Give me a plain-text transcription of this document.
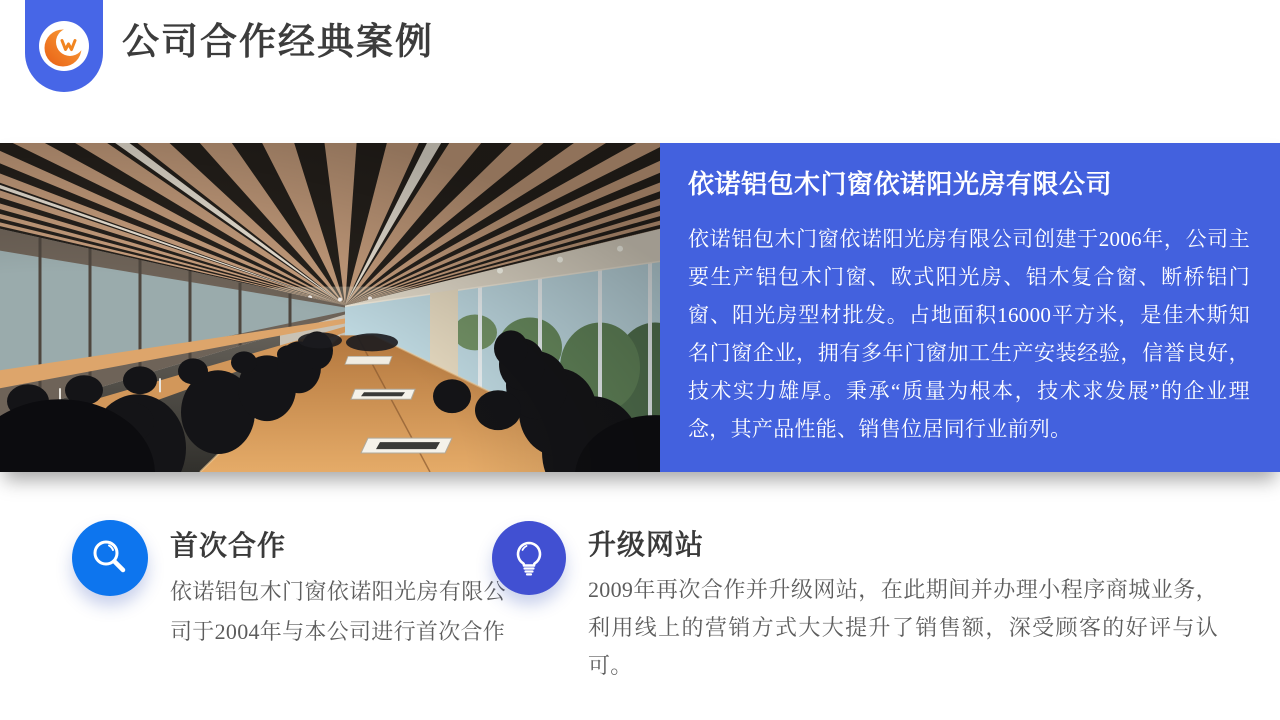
公司合作经典案例
依诺铝包木门窗依诺阳光房有限公司

依诺铝包木门窗依诺阳光房有限公司创建于2006年，公司主要生产铝包木门窗、欧式阳光房、铝木复合窗、断桥铝门窗、阳光房型材批发。占地面积16000平方米，是佳木斯知名门窗企业，拥有多年门窗加工生产安装经验，信誉良好，技术实力雄厚。秉承“质量为根本，技术求发展”的企业理念，其产品性能、销售位居同行业前列。

首次合作

依诺铝包木门窗依诺阳光房有限公司于2004年与本公司进行首次合作

升级网站

2009年再次合作并升级网站，在此期间并办理小程序商城业务，利用线上的营销方式大大提升了销售额，深受顾客的好评与认可。
